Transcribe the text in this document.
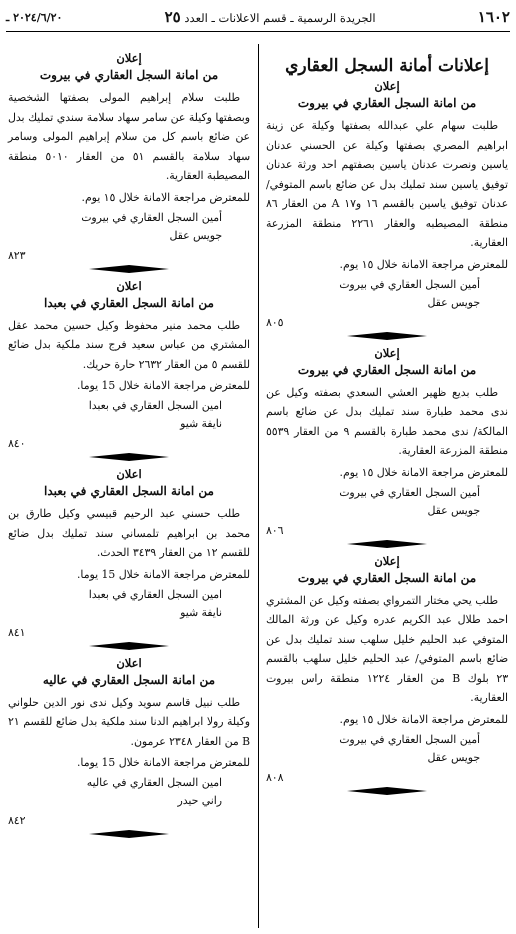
١٦٠٢
الجريدة الرسمية ـ قسم الاعلانات ـ العدد ٢٥
٢٠٢٤/٦/٢٠ ـ
إعلانات أمانة السجل العقاري
إعلان
من امانة السجل العقاري في بيروت

طلبت سهام علي عبدالله بصفتها وكيلة عن زينة ابراهيم المصري بصفتها وكيلة عن الحسني عدنان ياسين ونصرت عدنان ياسين بصفتهم احد ورثة عدنان توفيق ياسين سند تمليك بدل عن ضائع باسم المتوفي/ عدنان توفيق ياسين بالقسم ١٦ و١٧ A من العقار ٨٦ منطقة المصيطبه والعقار ٢٢٦١ منطقة المزرعة العقارية.

للمعترض مراجعة الامانة خلال ١٥ يوم.

أمين السجل العقاري في بيروت

جويس عقل

٨٠٥
إعلان
من امانة السجل العقاري في بيروت

طلب بديع ظهير العشي السعدي بصفته وكيل عن ندى محمد طبارة سند تمليك بدل عن ضائع باسم المالكة/ ندى محمد طبارة بالقسم ٩ من العقار ٥٥٣٩ منطقة المزرعة العقارية.

للمعترض مراجعة الامانة خلال ١٥ يوم.

أمين السجل العقاري في بيروت

جويس عقل

٨٠٦
إعلان
من امانة السجل العقاري في بيروت

طلب يحي مختار التمرواي بصفته وكيل عن المشتري احمد طلال عبد الكريم عدره وكيل عن ورثة المالك المتوفي عبد الحليم خليل سلهب سند تمليك بدل عن ضائع باسم المتوفي/ عبد الحليم خليل سلهب بالقسم ٢٣ بلوك B من العقار ١٢٢٤ منطقة راس بيروت العقارية.

للمعترض مراجعة الامانة خلال ١٥ يوم.

أمين السجل العقاري في بيروت

جويس عقل

٨٠٨
إعلان
من امانة السجل العقاري في بيروت

طلبت سلام إبراهيم المولى بصفتها الشخصية وبصفتها وكيلة عن سامر سهاد سلامة سندي تمليك بدل عن ضائع باسم كل من سلام إبراهيم المولى وسامر سهاد سلامة بالقسم ٥١ من العقار ٥٠١٠ منطقة المصيطبة العقارية.

للمعترض مراجعة الامانة خلال ١٥ يوم.

أمين السجل العقاري في بيروت

جويس عقل

٨٢٣
اعلان
من امانة السجل العقاري في بعبدا

طلب محمد منير محفوظ وكيل حسين محمد عقل المشتري من عباس سعيد فرج سند ملكية بدل ضائع للقسم ٥ من العقار ٢٦٣٢ حارة حريك.

للمعترض مراجعة الامانة خلال 15 يوما.

امين السجل العقاري في بعبدا

نايفة شيو

٨٤٠
اعلان
من امانة السجل العقاري في بعبدا

طلب حسني عبد الرحيم قبيسي وكيل طارق بن محمد بن ابراهيم تلمساني سند تمليك بدل ضائع للقسم ١٢ من العقار ٣٤٣٩ الحدث.

للمعترض مراجعة الامانة خلال 15 يوما.

امين السجل العقاري في بعبدا

نايفة شيو

٨٤١
اعلان
من امانة السجل العقاري في عاليه

طلب نبيل قاسم سويد وكيل ندى نور الدين حلواني وكيلة رولا ابراهيم الدنا سند ملكية بدل ضائع للقسم ٢١ B من العقار ٢٣٤٨ عرمون.

للمعترض مراجعة الامانة خلال 15 يوما.

امين السجل العقاري في عاليه

راني حيدر

٨٤٢
